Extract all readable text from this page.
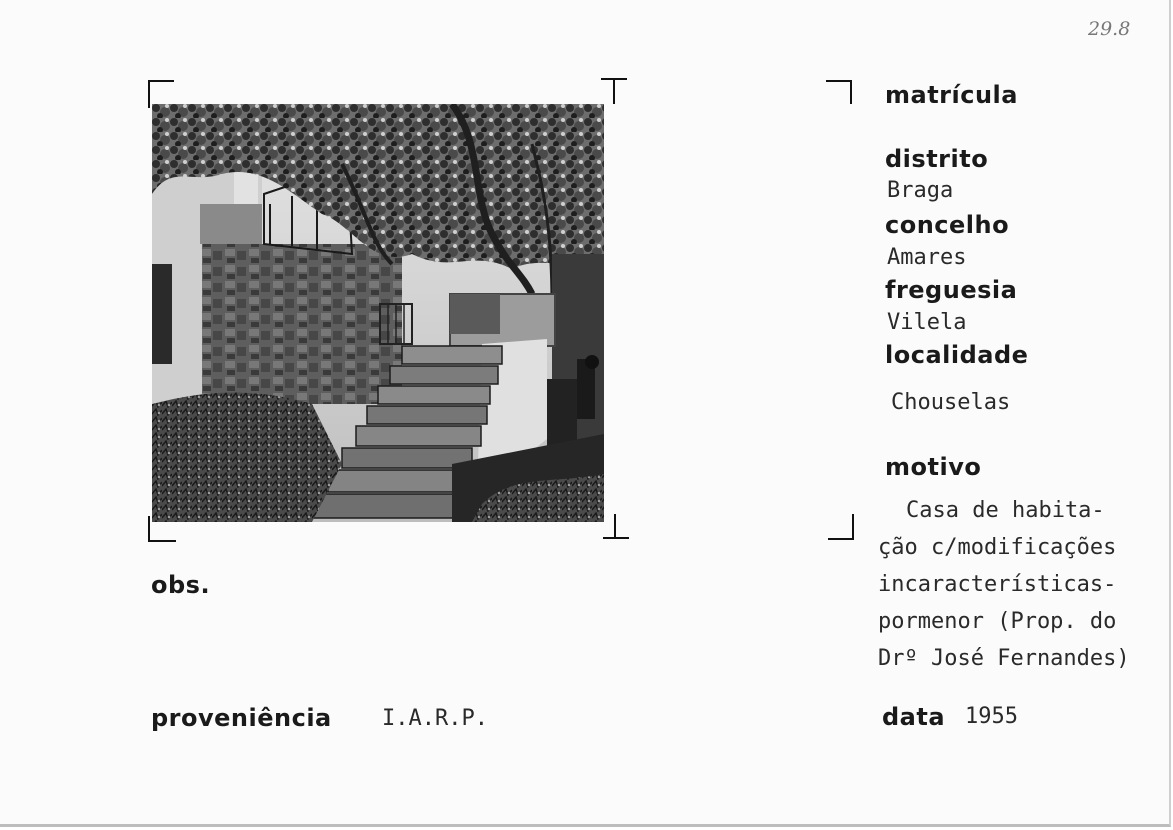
29.8
matrícula
distrito
Braga
concelho
Amares
freguesia
Vilela
localidade
Chouselas
motivo
Casa de habita-
ção c/modificações
incaracterísticas-
pormenor (Prop. do
Drº José Fernandes)
data 1955
obs.
proveniência I.A.R.P.
